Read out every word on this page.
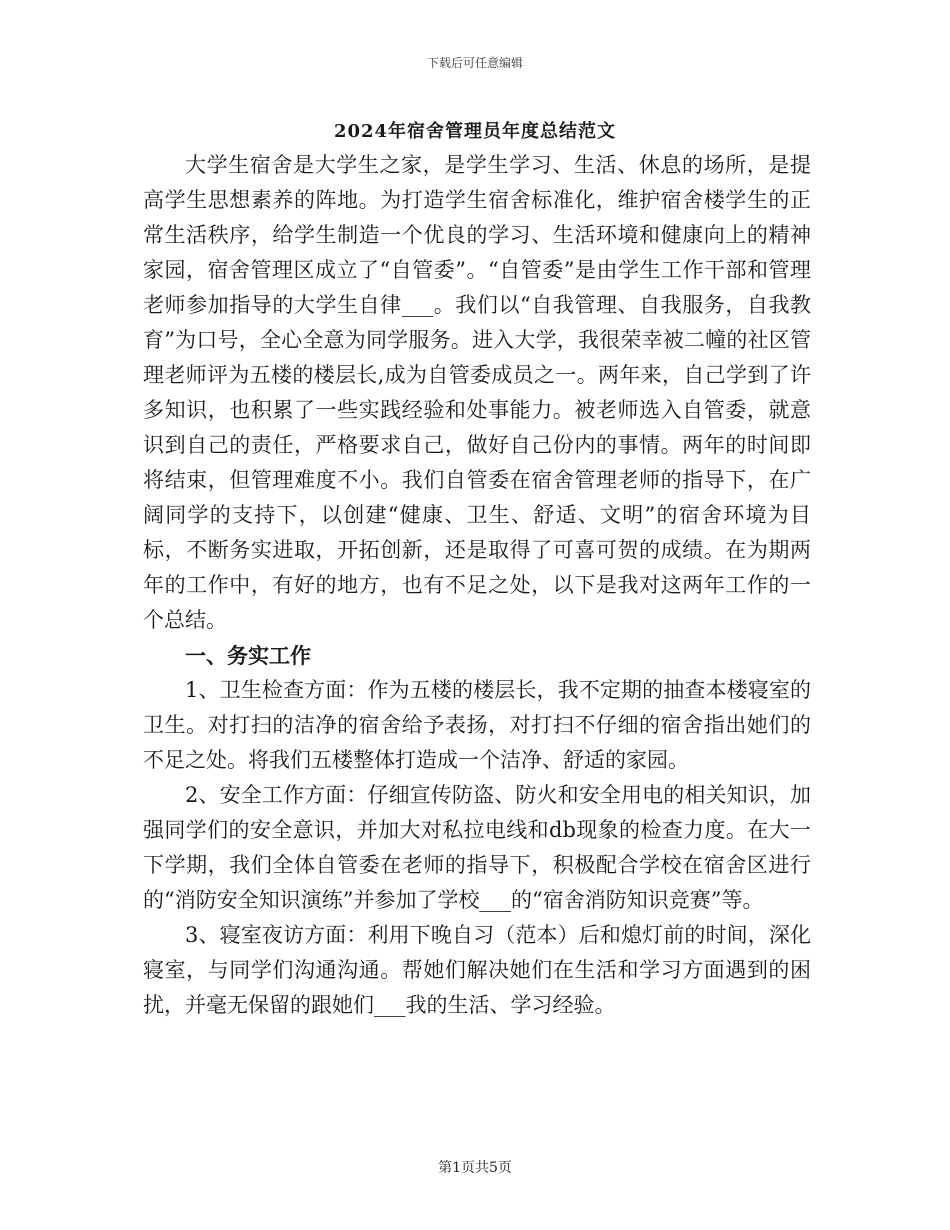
下载后可任意编辑
2024年宿舍管理员年度总结范文

大学生宿舍是大学生之家，是学生学习、生活、休息的场所，是提高学生思想素养的阵地。为打造学生宿舍标准化，维护宿舍楼学生的正常生活秩序，给学生制造一个优良的学习、生活环境和健康向上的精神家园，宿舍管理区成立了“自管委”。“自管委”是由学生工作干部和管理老师参加指导的大学生自律___。我们以“自我管理、自我服务，自我教育”为口号，全心全意为同学服务。进入大学，我很荣幸被二幢的社区管理老师评为五楼的楼层长,成为自管委成员之一。两年来，自己学到了许多知识，也积累了一些实践经验和处事能力。被老师选入自管委，就意识到自己的责任，严格要求自己，做好自己份内的事情。两年的时间即将结束，但管理难度不小。我们自管委在宿舍管理老师的指导下，在广阔同学的支持下，以创建“健康、卫生、舒适、文明”的宿舍环境为目标，不断务实进取，开拓创新，还是取得了可喜可贺的成绩。在为期两年的工作中，有好的地方，也有不足之处，以下是我对这两年工作的一个总结。

一、务实工作

1、卫生检查方面：作为五楼的楼层长，我不定期的抽查本楼寝室的卫生。对打扫的洁净的宿舍给予表扬，对打扫不仔细的宿舍指出她们的不足之处。将我们五楼整体打造成一个洁净、舒适的家园。

2、安全工作方面：仔细宣传防盗、防火和安全用电的相关知识，加强同学们的安全意识，并加大对私拉电线和db现象的检查力度。在大一下学期，我们全体自管委在老师的指导下，积极配合学校在宿舍区进行的“消防安全知识演练”并参加了学校___的“宿舍消防知识竞赛”等。

3、寝室夜访方面：利用下晚自习（范本）后和熄灯前的时间，深化寝室，与同学们沟通沟通。帮她们解决她们在生活和学习方面遇到的困扰，并毫无保留的跟她们___我的生活、学习经验。

第1页共5页
